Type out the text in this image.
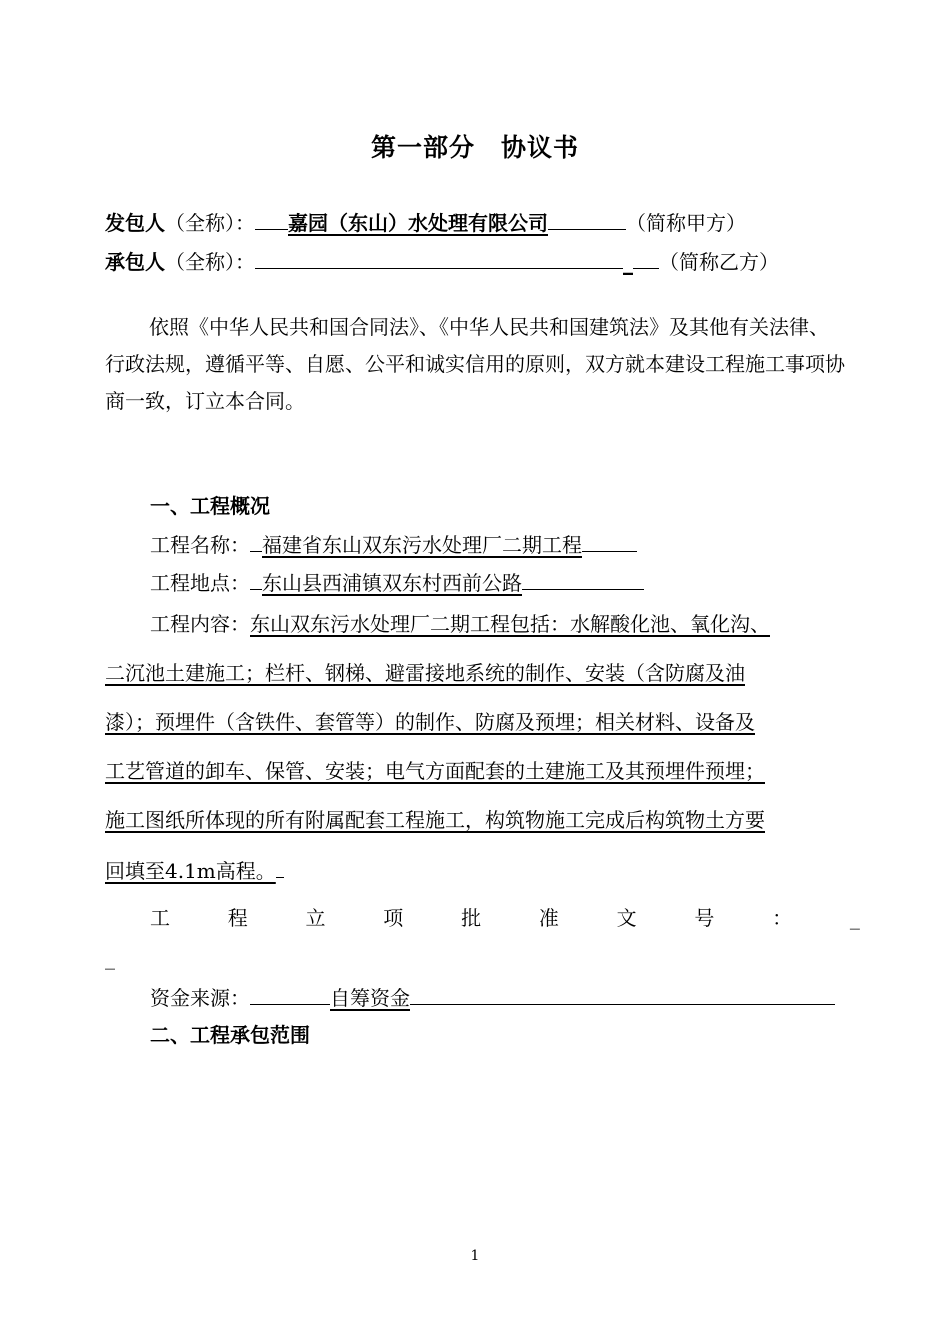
第一部分　协议书
发包人（全称）： 嘉园（东山）水处理有限公司	（简称甲方）
承包人（全称）：	_ （简称乙方）
依照《中华人民共和国合同法》、《中华人民共和国建筑法》及其他有关法律、行政法规，遵循平等、自愿、公平和诚实信用的原则，双方就本建设工程施工事项协商一致，订立本合同。
一、工程概况
工程名称： 福建省东山双东污水处理厂二期工程
工程地点： 东山县西浦镇双东村西前公路
工程内容：东山双东污水处理厂二期工程包括：水解酸化池、氧化沟、
二沉池土建施工；栏杆、钢梯、避雷接地系统的制作、安装（含防腐及油
漆）；预埋件（含铁件、套管等）的制作、防腐及预埋；相关材料、设备及
工艺管道的卸车、保管、安装；电气方面配套的土建施工及其预埋件预埋；
施工图纸所体现的所有附属配套工程施工，构筑物施工完成后构筑物土方要
回填至4.1m高程。
工	程	立	项	批	准	文	号	：	_
_
资金来源：	自筹资金
二、工程承包范围
1
